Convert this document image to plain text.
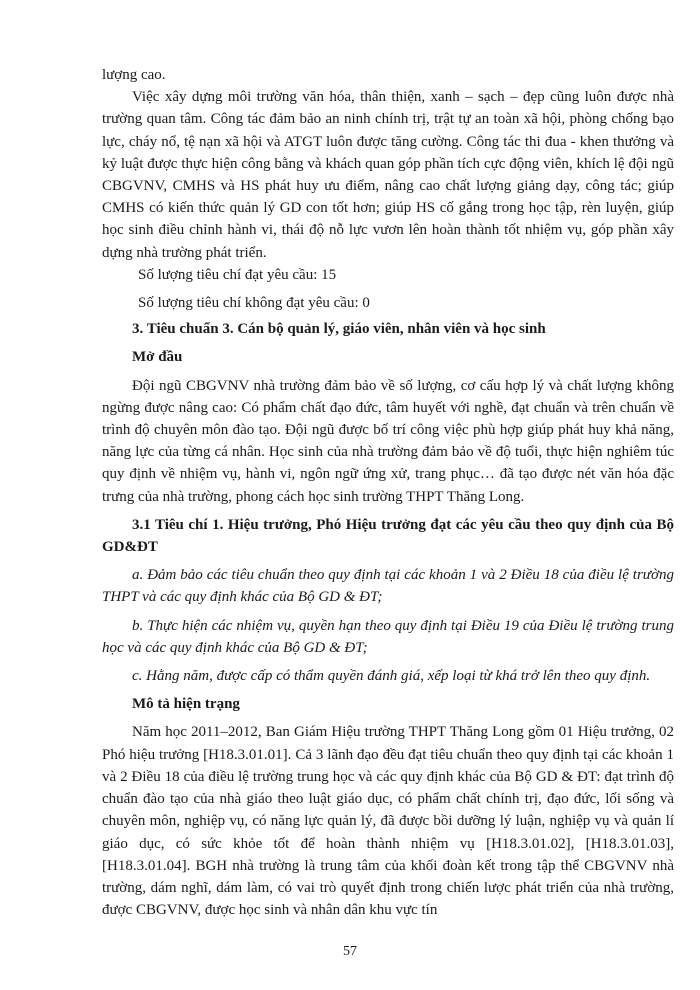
lượng cao.

Việc xây dựng môi trường văn hóa, thân thiện, xanh – sạch – đẹp cũng luôn được nhà trường quan tâm. Công tác đảm bảo an ninh chính trị, trật tự an toàn xã hội, phòng chống bạo lực, cháy nổ, tệ nạn xã hội và ATGT luôn được tăng cường. Công tác thi đua - khen thưởng và kỷ luật được thực hiện công bằng và khách quan góp phần tích cực động viên, khích lệ đội ngũ CBGVNV, CMHS và HS phát huy ưu điểm, nâng cao chất lượng giảng dạy, công tác; giúp CMHS có kiến thức quản lý GD con tốt hơn; giúp HS cố gắng trong học tập, rèn luyện, giúp học sinh điều chỉnh hành vi, thái độ nỗ lực vươn lên hoàn thành tốt nhiệm vụ, góp phần xây dựng nhà trường phát triển.

Số lượng tiêu chí đạt yêu cầu: 15

Số lượng tiêu chí không đạt yêu cầu: 0

3. Tiêu chuẩn 3. Cán bộ quản lý, giáo viên, nhân viên và học sinh

Mở đầu

Đội ngũ CBGVNV nhà trường đảm bảo về số lượng, cơ cấu hợp lý và chất lượng không ngừng được nâng cao: Có phẩm chất đạo đức, tâm huyết với nghề, đạt chuẩn và trên chuẩn về trình độ chuyên môn đào tạo. Đội ngũ được bố trí công việc phù hợp giúp phát huy khả năng, năng lực của từng cá nhân. Học sinh của nhà trường đảm bảo về độ tuổi, thực hiện nghiêm túc quy định về nhiệm vụ, hành vi, ngôn ngữ ứng xử, trang phục… đã tạo được nét văn hóa đặc trưng của nhà trường, phong cách học sinh trường THPT Thăng Long.

3.1 Tiêu chí 1. Hiệu trưởng, Phó Hiệu trưởng đạt các yêu cầu theo quy định của Bộ GD&ĐT

a. Đảm bảo các tiêu chuẩn theo quy định tại các khoản 1 và 2 Điều 18 của điều lệ trường THPT và các quy định khác của Bộ GD & ĐT;

b. Thực hiện các nhiệm vụ, quyền hạn theo quy định tại Điều 19 của Điều lệ trường trung học và các quy định khác của Bộ GD & ĐT;

c. Hằng năm, được cấp có thẩm quyền đánh giá, xếp loại từ khá trở lên theo quy định.

Mô tả hiện trạng

Năm học 2011–2012, Ban Giám Hiệu trường THPT Thăng Long gồm 01 Hiệu trưởng, 02 Phó hiệu trưởng [H18.3.01.01]. Cả 3 lãnh đạo đều đạt tiêu chuẩn theo quy định tại các khoản 1 và 2 Điều 18 của điều lệ trường trung học và các quy định khác của Bộ GD & ĐT: đạt trình độ chuẩn đào tạo của nhà giáo theo luật giáo dục, có phẩm chất chính trị, đạo đức, lối sống và chuyên môn, nghiệp vụ, có năng lực quản lý, đã được bồi dưỡng lý luận, nghiệp vụ và quản lí giáo dục, có sức khỏe tốt để hoàn thành nhiệm vụ [H18.3.01.02], [H18.3.01.03], [H18.3.01.04]. BGH nhà trường là trung tâm của khối đoàn kết trong tập thể CBGVNV nhà trường, dám nghĩ, dám làm, có vai trò quyết định trong chiến lược phát triển của nhà trường, được CBGVNV, được học sinh và nhân dân khu vực tín

57
